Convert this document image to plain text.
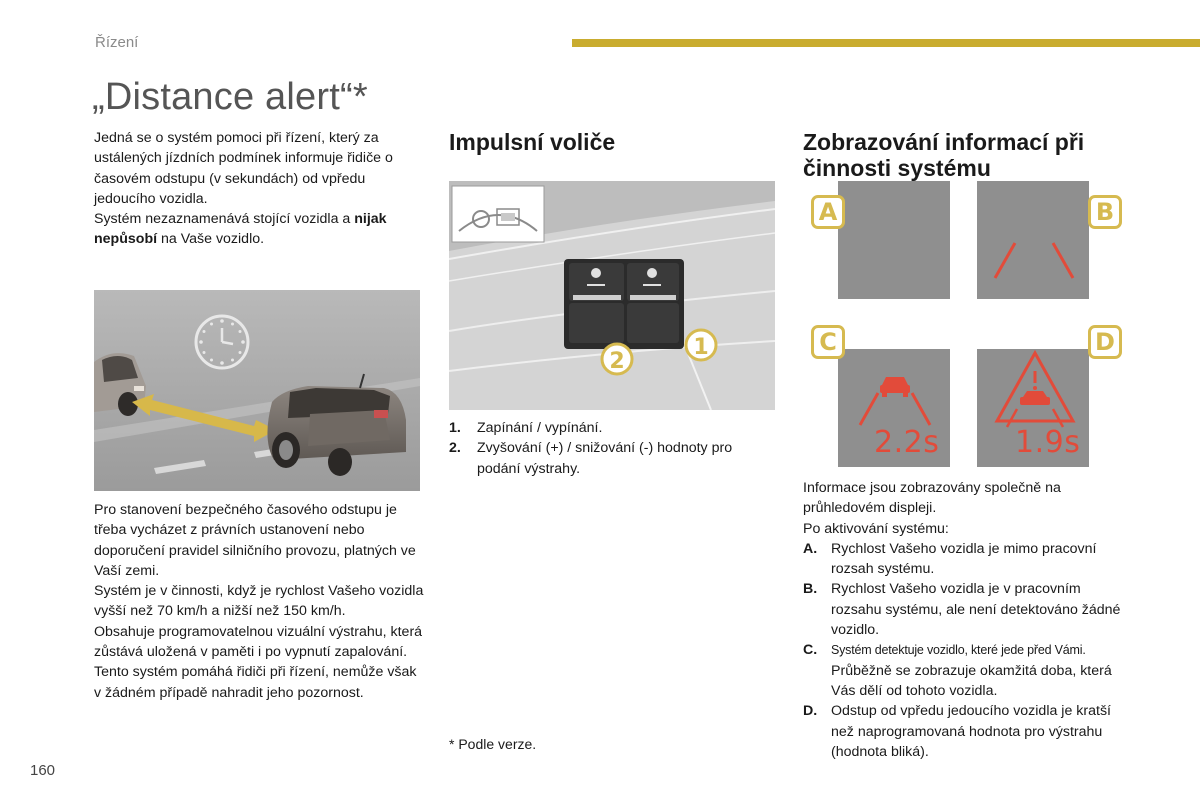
Řízení
„Distance alert“*
Jedná se o systém pomoci při řízení, který za ustálených jízdních podmínek informuje řidiče o časovém odstupu (v sekundách) od vpředu jedoucího vozidla.
Systém nezaznamenává stojící vozidla a nijak nepůsobí na Vaše vozidlo.
Pro stanovení bezpečného časového odstupu je třeba vycházet z právních ustanovení nebo doporučení pravidel silničního provozu, platných ve Vaší zemi.
Systém je v činnosti, když je rychlost Vašeho vozidla vyšší než 70 km/h a nižší než 150 km/h.
Obsahuje programovatelnou vizuální výstrahu, která zůstává uložená v paměti i po vypnutí zapalování.
Tento systém pomáhá řidiči při řízení, nemůže však v žádném případě nahradit jeho pozornost.
Impulsní voliče
2
1
1. Zapínání / vypínání.
2. Zvyšování (+) / snižování (-) hodnoty pro podání výstrahy.
* Podle verze.
Zobrazování informací při činnosti systému
A	B
2.2s
C
1.9s
D
Informace jsou zobrazovány společně na průhledovém displeji.
Po aktivování systému:
A. Rychlost Vašeho vozidla je mimo pracovní rozsah systému.
B. Rychlost Vašeho vozidla je v pracovním rozsahu systému, ale není detektováno žádné vozidlo.
C. Systém detektuje vozidlo, které jede před Vámi.
Průběžně se zobrazuje okamžitá doba, která Vás dělí od tohoto vozidla.
D. Odstup od vpředu jedoucího vozidla je kratší než naprogramovaná hodnota pro výstrahu (hodnota bliká).
160
